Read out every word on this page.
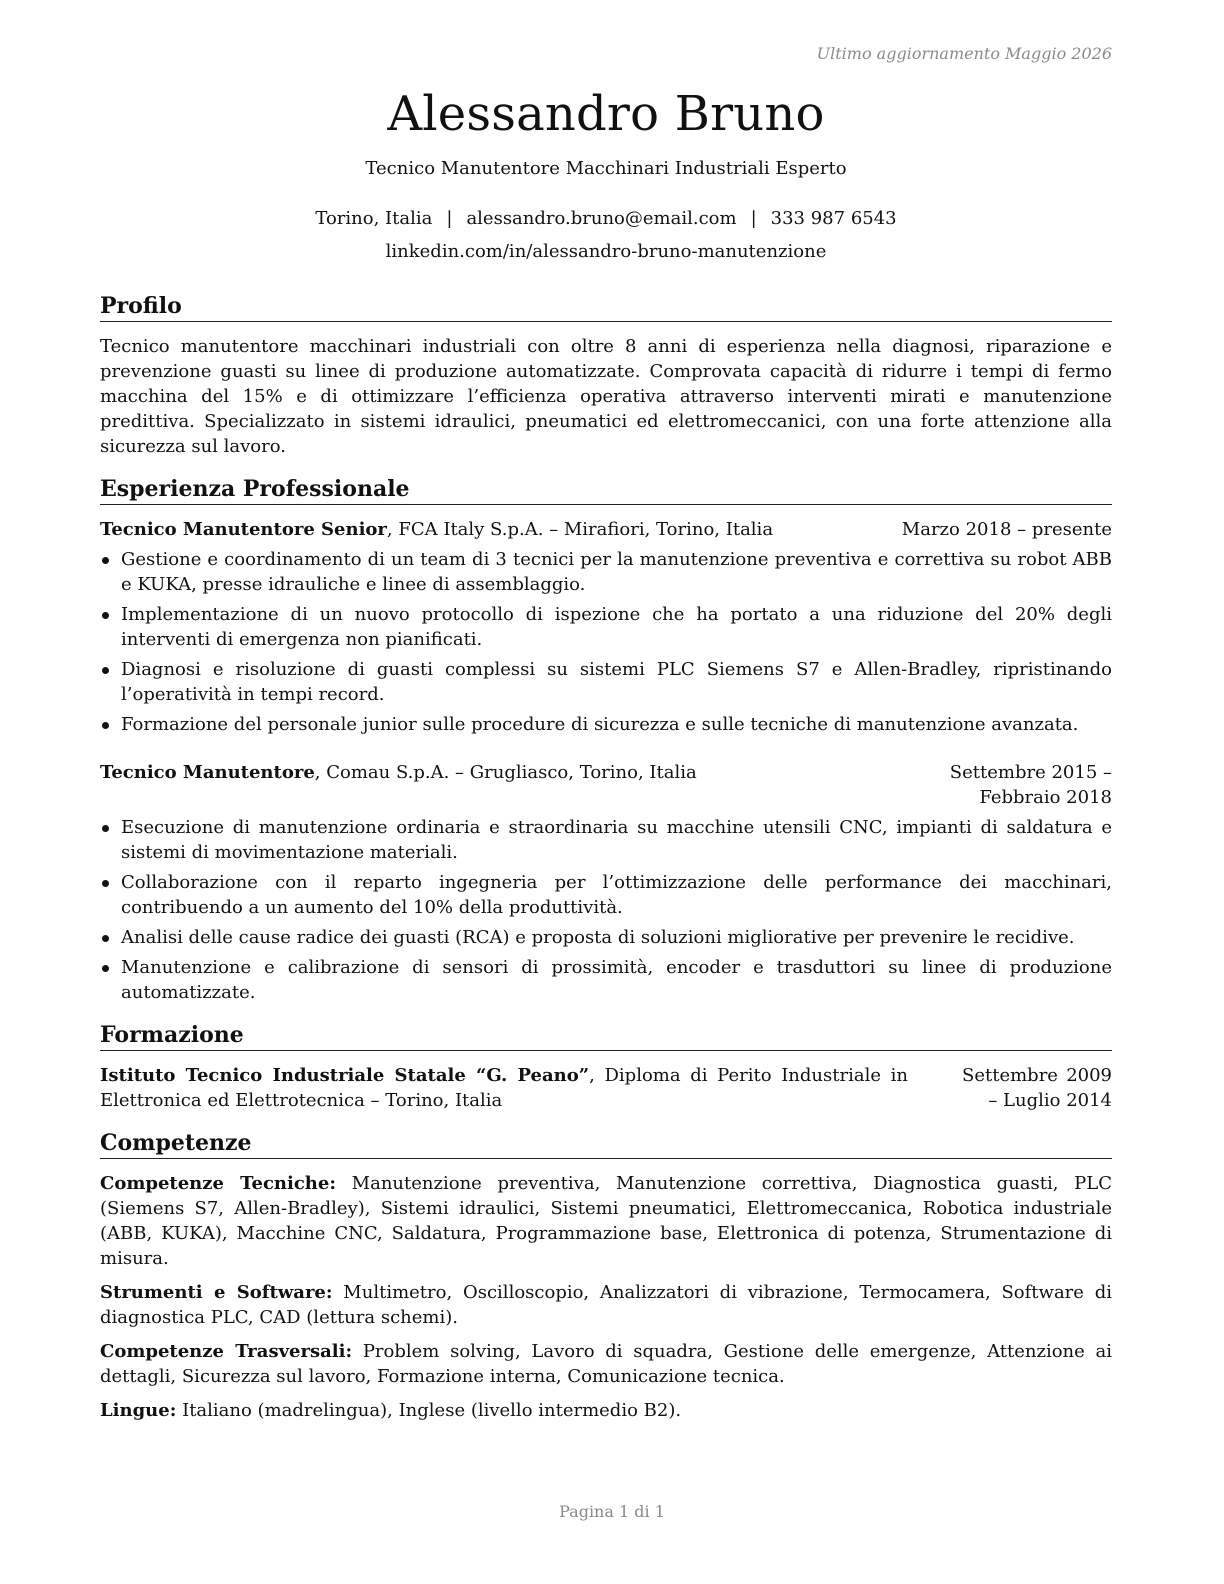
Ultimo aggiornamento Maggio 2026
Alessandro Bruno
Tecnico Manutentore Macchinari Industriali Esperto
Torino, Italia | alessandro.bruno@email.com | 333 987 6543
linkedin.com/in/alessandro-bruno-manutenzione
Profilo
Tecnico manutentore macchinari industriali con oltre 8 anni di esperienza nella diagnosi, riparazione e prevenzione guasti su linee di produzione automatizzate. Comprovata capacità di ridurre i tempi di fermo macchina del 15% e di ottimizzare l’efficienza operativa attraverso interventi mirati e manutenzione predittiva. Specializzato in sistemi idraulici, pneumatici ed elettromeccanici, con una forte attenzione alla sicurezza sul lavoro.
Esperienza Professionale
Tecnico Manutentore Senior, FCA Italy S.p.A. – Mirafiori, Torino, Italia	Marzo 2018 – presente
Gestione e coordinamento di un team di 3 tecnici per la manutenzione preventiva e correttiva su robot ABB e KUKA, presse idrauliche e linee di assemblaggio.
Implementazione di un nuovo protocollo di ispezione che ha portato a una riduzione del 20% degli interventi di emergenza non pianificati.
Diagnosi e risoluzione di guasti complessi su sistemi PLC Siemens S7 e Allen-Bradley, ripristinando l’operatività in tempi record.
Formazione del personale junior sulle procedure di sicurezza e sulle tecniche di manutenzione avanzata.
Tecnico Manutentore, Comau S.p.A. – Grugliasco, Torino, Italia	Settembre 2015 – Febbraio 2018
Esecuzione di manutenzione ordinaria e straordinaria su macchine utensili CNC, impianti di saldatura e sistemi di movimentazione materiali.
Collaborazione con il reparto ingegneria per l’ottimizzazione delle performance dei macchinari, contribuendo a un aumento del 10% della produttività.
Analisi delle cause radice dei guasti (RCA) e proposta di soluzioni migliorative per prevenire le recidive.
Manutenzione e calibrazione di sensori di prossimità, encoder e trasduttori su linee di produzione automatizzate.
Formazione
Istituto Tecnico Industriale Statale “G. Peano”, Diploma di Perito Industriale in Elettronica ed Elettrotecnica – Torino, Italia
Settembre 2009 – Luglio 2014
Competenze
Competenze Tecniche: Manutenzione preventiva, Manutenzione correttiva, Diagnostica guasti, PLC (Siemens S7, Allen-Bradley), Sistemi idraulici, Sistemi pneumatici, Elettromeccanica, Robotica industriale (ABB, KUKA), Macchine CNC, Saldatura, Programmazione base, Elettronica di potenza, Strumentazione di misura.
Strumenti e Software: Multimetro, Oscilloscopio, Analizzatori di vibrazione, Termocamera, Software di diagnostica PLC, CAD (lettura schemi).
Competenze Trasversali: Problem solving, Lavoro di squadra, Gestione delle emergenze, Attenzione ai dettagli, Sicurezza sul lavoro, Formazione interna, Comunicazione tecnica.
Lingue: Italiano (madrelingua), Inglese (livello intermedio B2).
Pagina 1 di 1
